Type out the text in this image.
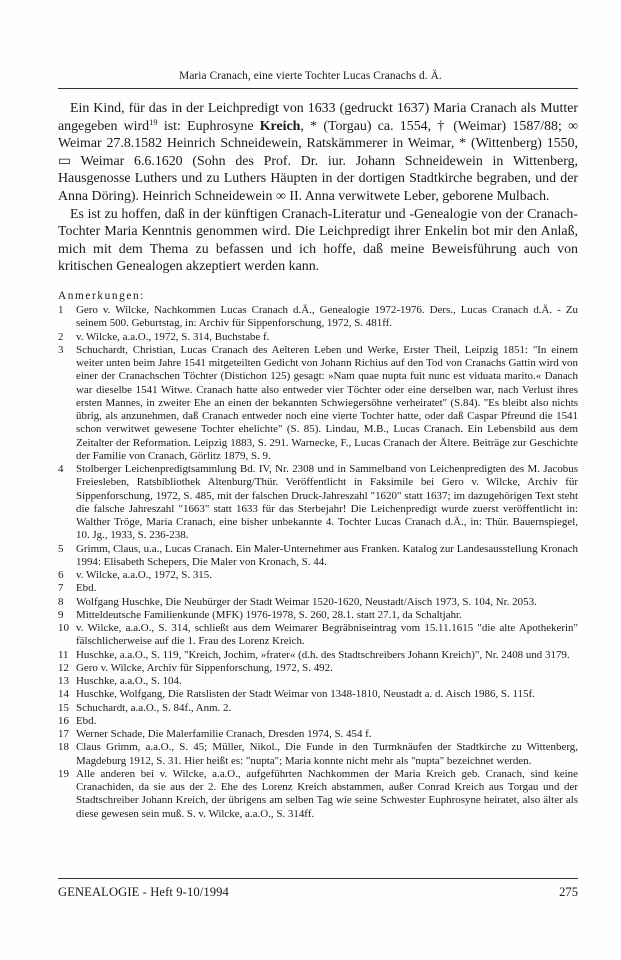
Maria Cranach, eine vierte Tochter Lucas Cranachs d. Ä.

Ein Kind, für das in der Leichpredigt von 1633 (gedruckt 1637) Maria Cranach als Mutter angegeben wird$^{19}$ ist: Euphrosyne Kreich, * (Torgau) ca. 1554, † (Weimar) 1587/88; ∞ Weimar 27.8.1582 Heinrich Schneidewein, Ratskämmerer in Weimar, * (Wittenberg) 1550, ▭ Weimar 6.6.1620 (Sohn des Prof. Dr. iur. Johann Schneidewein in Wittenberg, Hausgenosse Luthers und zu Luthers Häupten in der dortigen Stadtkirche begraben, und der Anna Döring). Heinrich Schneidewein ∞ II. Anna verwitwete Leber, geborene Mulbach.

Es ist zu hoffen, daß in der künftigen Cranach-Literatur und -Genealogie von der Cranach-Tochter Maria Kenntnis genommen wird. Die Leichpredigt ihrer Enkelin bot mir den Anlaß, mich mit dem Thema zu befassen und ich hoffe, daß meine Beweisführung auch von kritischen Genealogen akzeptiert werden kann.

Anmerkungen:
1	Gero v. Wilcke, Nachkommen Lucas Cranach d.Ä., Genealogie 1972-1976. Ders., Lucas Cranach d.Ä. - Zu seinem 500. Geburtstag, in: Archiv für Sippenforschung, 1972, S. 481ff.
2	v. Wilcke, a.a.O., 1972, S. 314, Buchstabe f.
3	Schuchardt, Christian, Lucas Cranach des Aelteren Leben und Werke, Erster Theil, Leipzig 1851: "In einem weiter unten beim Jahre 1541 mitgeteilten Gedicht von Johann Richius auf den Tod von Cranachs Gattin wird von einer der Cranachschen Töchter (Distichon 125) gesagt: »Nam quae nupta fuit nunc est viduata marito.« Danach war dieselbe 1541 Witwe. Cranach hatte also entweder vier Töchter oder eine derselben war, nach Verlust ihres ersten Mannes, in zweiter Ehe an einen der bekannten Schwiegersöhne verheiratet" (S.84). "Es bleibt also nichts übrig, als anzunehmen, daß Cranach entweder noch eine vierte Tochter hatte, oder daß Caspar Pfreund die 1541 schon verwitwet gewesene Tochter ehelichte" (S. 85). Lindau, M.B., Lucas Cranach. Ein Lebensbild aus dem Zeitalter der Reformation. Leipzig 1883, S. 291. Warnecke, F., Lucas Cranach der Ältere. Beiträge zur Geschichte der Familie von Cranach, Görlitz 1879, S. 9.
4	Stolberger Leichenpredigtsammlung Bd. IV, Nr. 2308 und in Sammelband von Leichenpredigten des M. Jacobus Freiesleben, Ratsbibliothek Altenburg/Thür. Veröffentlicht in Faksimile bei Gero v. Wilcke, Archiv für Sippenforschung, 1972, S. 485, mit der falschen Druck-Jahreszahl "1620" statt 1637; im dazugehörigen Text steht die falsche Jahreszahl "1663" statt 1633 für das Sterbejahr! Die Leichenpredigt wurde zuerst veröffentlicht in: Walther Tröge, Maria Cranach, eine bisher unbekannte 4. Tochter Lucas Cranach d.Ä., in: Thür. Bauernspiegel, 10. Jg., 1933, S. 236-238.
5	Grimm, Claus, u.a., Lucas Cranach. Ein Maler-Unternehmer aus Franken. Katalog zur Landesausstellung Kronach 1994: Elisabeth Schepers, Die Maler von Kronach, S. 44.
6	v. Wilcke, a.a.O., 1972, S. 315.
7	Ebd.
8	Wolfgang Huschke, Die Neubürger der Stadt Weimar 1520-1620, Neustadt/Aisch 1973, S. 104, Nr. 2053.
9	Mitteldeutsche Familienkunde (MFK) 1976-1978, S. 260, 28.1. statt 27.1, da Schaltjahr.
10 v. Wilcke, a.a.O., S. 314, schließt aus dem Weimarer Begräbniseintrag vom 15.11.1615 "die alte Apothekerin" fälschlicherweise auf die 1. Frau des Lorenz Kreich.
11 Huschke, a.a.O., S. 119, "Kreich, Jochim, »frater« (d.h. des Stadtschreibers Johann Kreich)", Nr. 2408 und 3179.
12 Gero v. Wilcke, Archiv für Sippenforschung, 1972, S. 492.
13 Huschke, a.a.O., S. 104.
14 Huschke, Wolfgang, Die Ratslisten der Stadt Weimar von 1348-1810, Neustadt a. d. Aisch 1986, S. 115f.
15 Schuchardt, a.a.O., S. 84f., Anm. 2.
16 Ebd.
17 Werner Schade, Die Malerfamilie Cranach, Dresden 1974, S. 454 f.
18 Claus Grimm, a.a.O., S. 45; Müller, Nikol., Die Funde in den Turmknäufen der Stadtkirche zu Wittenberg, Magdeburg 1912, S. 31. Hier heißt es: "nupta"; Maria konnte nicht mehr als "nupta" bezeichnet werden.
19 Alle anderen bei v. Wilcke, a.a.O., aufgeführten Nachkommen der Maria Kreich geb. Cranach, sind keine Cranachiden, da sie aus der 2. Ehe des Lorenz Kreich abstammen, außer Conrad Kreich aus Torgau und der Stadtschreiber Johann Kreich, der übrigens am selben Tag wie seine Schwester Euphrosyne heiratet, also älter als diese gewesen sein muß. S. v. Wilcke, a.a.O., S. 314ff.
GENEALOGIE - Heft 9-10/1994	275
